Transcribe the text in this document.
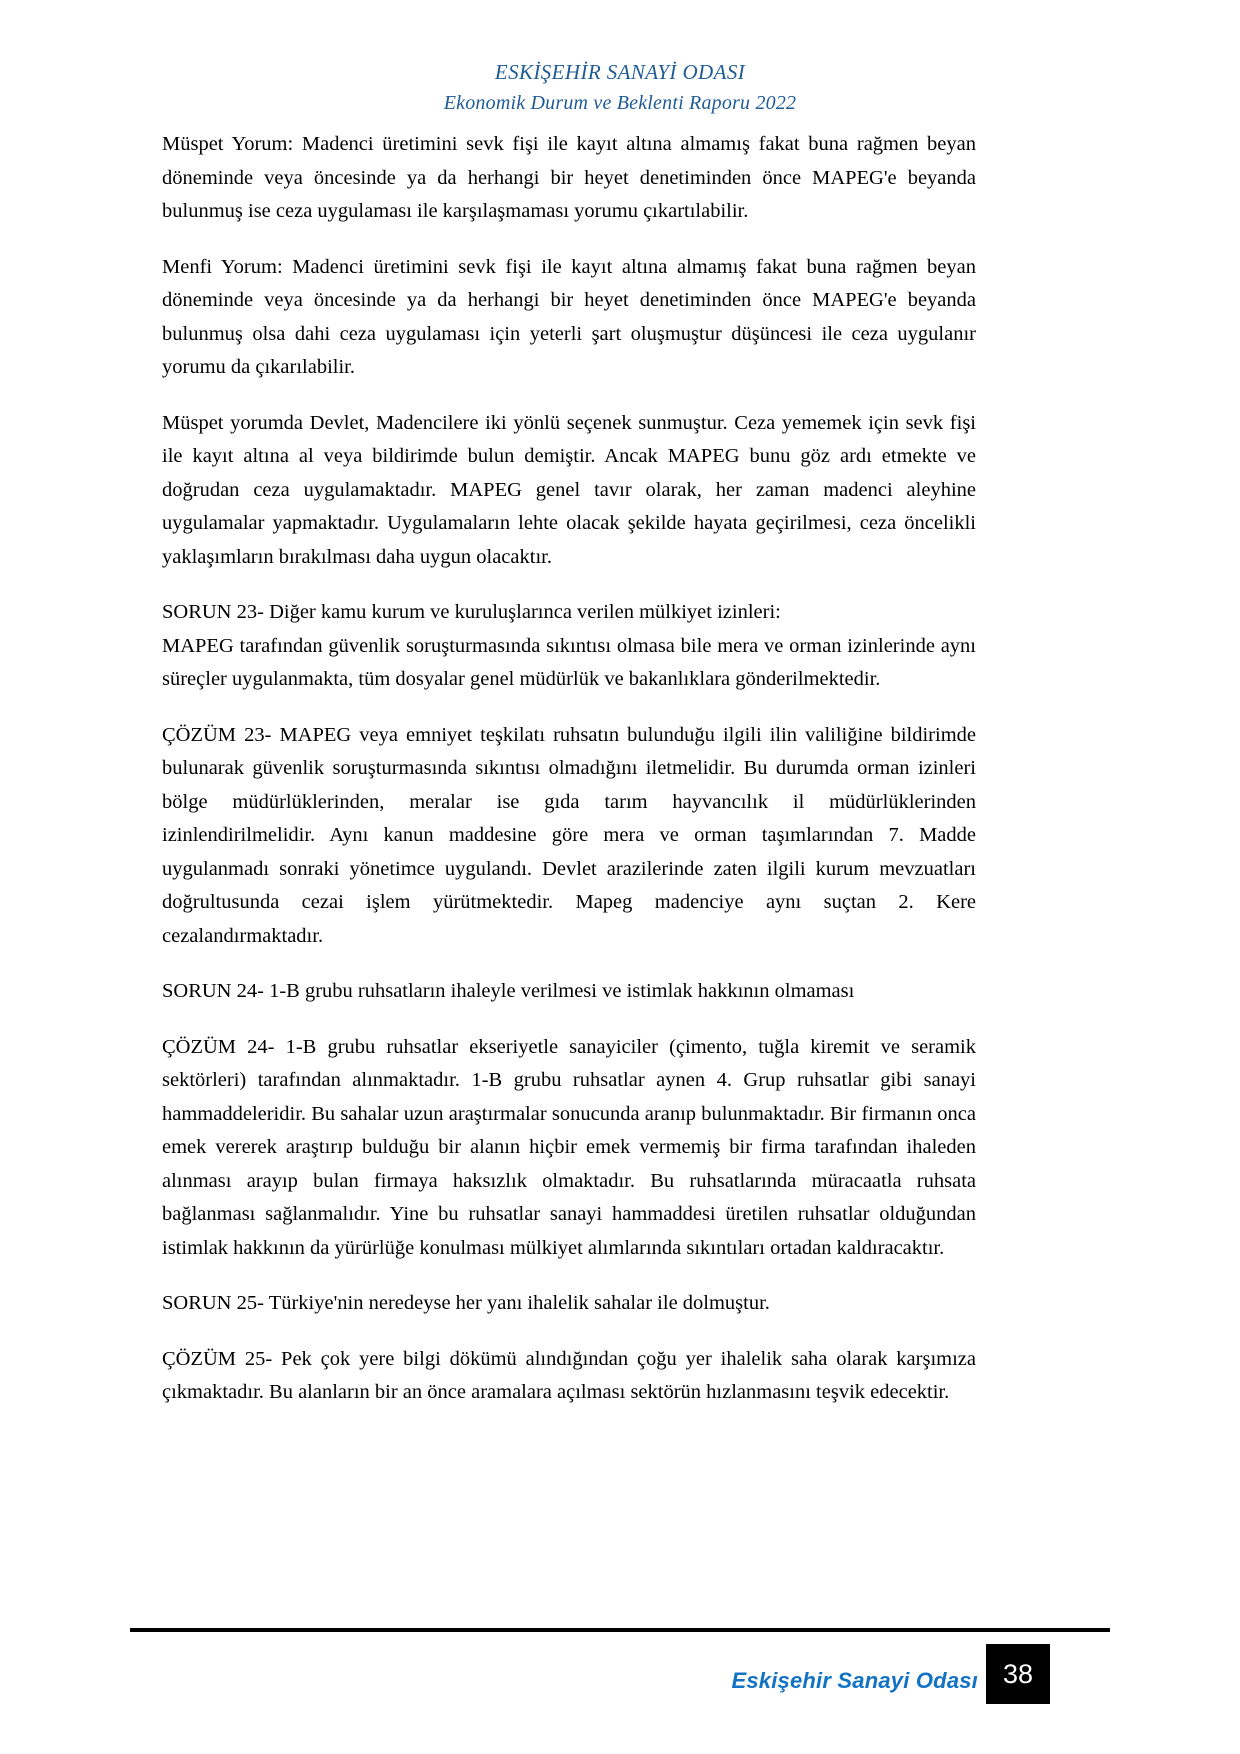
ESKİŞEHİR SANAYİ ODASI
Ekonomik Durum ve Beklenti Raporu 2022

Müspet Yorum: Madenci üretimini sevk fişi ile kayıt altına almamış fakat buna rağmen beyan döneminde veya öncesinde ya da herhangi bir heyet denetiminden önce MAPEG'e beyanda bulunmuş ise ceza uygulaması ile karşılaşmaması yorumu çıkartılabilir.

Menfi Yorum: Madenci üretimini sevk fişi ile kayıt altına almamış fakat buna rağmen beyan döneminde veya öncesinde ya da herhangi bir heyet denetiminden önce MAPEG'e beyanda bulunmuş olsa dahi ceza uygulaması için yeterli şart oluşmuştur düşüncesi ile ceza uygulanır yorumu da çıkarılabilir.

Müspet yorumda Devlet, Madencilere iki yönlü seçenek sunmuştur. Ceza yememek için sevk fişi ile kayıt altına al veya bildirimde bulun demiştir. Ancak MAPEG bunu göz ardı etmekte ve doğrudan ceza uygulamaktadır. MAPEG genel tavır olarak, her zaman madenci aleyhine uygulamalar yapmaktadır. Uygulamaların lehte olacak şekilde hayata geçirilmesi, ceza öncelikli yaklaşımların bırakılması daha uygun olacaktır.

SORUN 23- Diğer kamu kurum ve kuruluşlarınca verilen mülkiyet izinleri:

MAPEG tarafından güvenlik soruşturmasında sıkıntısı olmasa bile mera ve orman izinlerinde aynı süreçler uygulanmakta, tüm dosyalar genel müdürlük ve bakanlıklara gönderilmektedir.

ÇÖZÜM 23- MAPEG veya emniyet teşkilatı ruhsatın bulunduğu ilgili ilin valiliğine bildirimde bulunarak güvenlik soruşturmasında sıkıntısı olmadığını iletmelidir. Bu durumda orman izinleri bölge müdürlüklerinden, meralar ise gıda tarım hayvancılık il müdürlüklerinden izinlendirilmelidir. Aynı kanun maddesine göre mera ve orman taşımlarından 7. Madde uygulanmadı sonraki yönetimce uygulandı. Devlet arazilerinde zaten ilgili kurum mevzuatları doğrultusunda cezai işlem yürütmektedir. Mapeg madenciye aynı suçtan 2. Kere cezalandırmaktadır.

SORUN 24- 1-B grubu ruhsatların ihaleyle verilmesi ve istimlak hakkının olmaması

ÇÖZÜM 24- 1-B grubu ruhsatlar ekseriyetle sanayiciler (çimento, tuğla kiremit ve seramik sektörleri) tarafından alınmaktadır. 1-B grubu ruhsatlar aynen 4. Grup ruhsatlar gibi sanayi hammaddeleridir. Bu sahalar uzun araştırmalar sonucunda aranıp bulunmaktadır. Bir firmanın onca emek vererek araştırıp bulduğu bir alanın hiçbir emek vermemiş bir firma tarafından ihaleden alınması arayıp bulan firmaya haksızlık olmaktadır. Bu ruhsatlarında müracaatla ruhsata bağlanması sağlanmalıdır. Yine bu ruhsatlar sanayi hammaddesi üretilen ruhsatlar olduğundan istimlak hakkının da yürürlüğe konulması mülkiyet alımlarında sıkıntıları ortadan kaldıracaktır.

SORUN 25- Türkiye'nin neredeyse her yanı ihalelik sahalar ile dolmuştur.

ÇÖZÜM 25- Pek çok yere bilgi dökümü alındığından çoğu yer ihalelik saha olarak karşımıza çıkmaktadır. Bu alanların bir an önce aramalara açılması sektörün hızlanmasını teşvik edecektir.

Eskişehir Sanayi Odası 38
